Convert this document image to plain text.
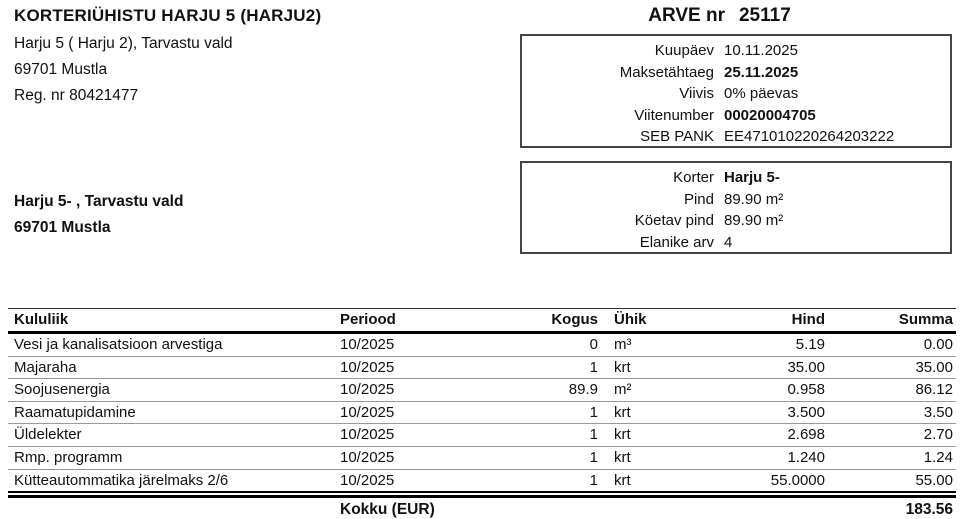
KORTERIÜHISTU HARJU 5 (HARJU2)
Harju 5 ( Harju 2), Tarvastu vald
69701 Mustla
Reg. nr 80421477
ARVE nr 25117
Kuupäev 10.11.2025
Maksetähtaeg 25.11.2025
Viivis 0% päevas
Viitenumber 00020004705
SEB PANK EE471010220264203222
Korter Harju 5-
Pind 89.90 m²
Köetav pind 89.90 m²
Elanike arv 4
Harju 5- , Tarvastu vald
69701 Mustla
Kululiik	Periood	Kogus	Ühik	Hind	Summa
Vesi ja kanalisatsioon arvestiga	10/2025	0	m³	5.19	0.00
Majaraha	10/2025	1	krt	35.00	35.00
Soojusenergia	10/2025	89.9	m²	0.958	86.12
Raamatupidamine	10/2025	1	krt	3.500	3.50
Üldelekter	10/2025	1	krt	2.698	2.70
Rmp. programm	10/2025	1	krt	1.240	1.24
Kütteautommatika järelmaks 2/6	10/2025	1	krt	55.0000	55.00
Kokku (EUR)	183.56
